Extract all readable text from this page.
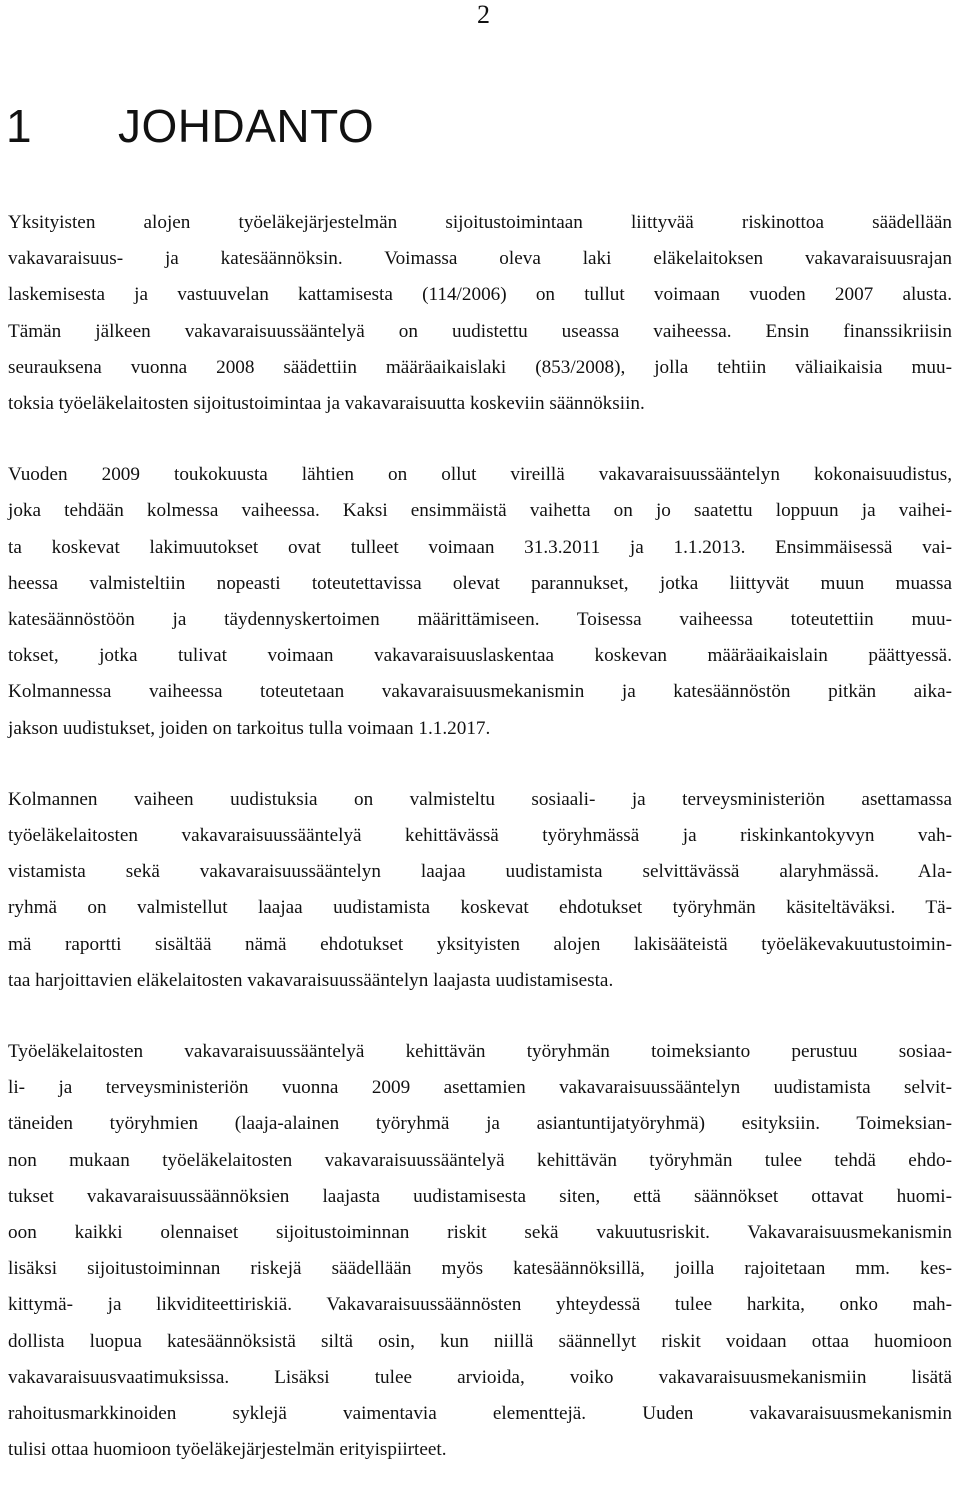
2
1 JOHDANTO

Yksityisten alojen työeläkejärjestelmän sijoitustoimintaan liittyvää riskinottoa säädellään
vakavaraisuus- ja katesäännöksin. Voimassa oleva laki eläkelaitoksen vakavaraisuusrajan
laskemisesta ja vastuuvelan kattamisesta (114/2006) on tullut voimaan vuoden 2007 alusta.
Tämän jälkeen vakavaraisuussääntelyä on uudistettu useassa vaiheessa. Ensin finanssikriisin
seurauksena vuonna 2008 säädettiin määräaikaislaki (853/2008), jolla tehtiin väliaikaisia muu-
toksia työeläkelaitosten sijoitustoimintaa ja vakavaraisuutta koskeviin säännöksiin.

Vuoden 2009 toukokuusta lähtien on ollut vireillä vakavaraisuussääntelyn kokonaisuudistus,
joka tehdään kolmessa vaiheessa. Kaksi ensimmäistä vaihetta on jo saatettu loppuun ja vaihei-
ta koskevat lakimuutokset ovat tulleet voimaan 31.3.2011 ja 1.1.2013. Ensimmäisessä vai-
heessa valmisteltiin nopeasti toteutettavissa olevat parannukset, jotka liittyvät muun muassa
katesäännöstöön ja täydennyskertoimen määrittämiseen. Toisessa vaiheessa toteutettiin muu-
tokset, jotka tulivat voimaan vakavaraisuuslaskentaa koskevan määräaikaislain päättyessä.
Kolmannessa vaiheessa toteutetaan vakavaraisuusmekanismin ja katesäännöstön pitkän aika-
jakson uudistukset, joiden on tarkoitus tulla voimaan 1.1.2017.

Kolmannen vaiheen uudistuksia on valmisteltu sosiaali- ja terveysministeriön asettamassa
työeläkelaitosten vakavaraisuussääntelyä kehittävässä työryhmässä ja riskinkantokyvyn vah-
vistamista sekä vakavaraisuussääntelyn laajaa uudistamista selvittävässä alaryhmässä. Ala-
ryhmä on valmistellut laajaa uudistamista koskevat ehdotukset työryhmän käsiteltäväksi. Tä-
mä raportti sisältää nämä ehdotukset yksityisten alojen lakisääteistä työeläkevakuutustoimin-
taa harjoittavien eläkelaitosten vakavaraisuussääntelyn laajasta uudistamisesta.

Työeläkelaitosten vakavaraisuussääntelyä kehittävän työryhmän toimeksianto perustuu sosiaa-
li- ja terveysministeriön vuonna 2009 asettamien vakavaraisuussääntelyn uudistamista selvit-
täneiden työryhmien (laaja-alainen työryhmä ja asiantuntijatyöryhmä) esityksiin. Toimeksian-
non mukaan työeläkelaitosten vakavaraisuussääntelyä kehittävän työryhmän tulee tehdä ehdo-
tukset vakavaraisuussäännöksien laajasta uudistamisesta siten, että säännökset ottavat huomi-
oon kaikki olennaiset sijoitustoiminnan riskit sekä vakuutusriskit. Vakavaraisuusmekanismin
lisäksi sijoitustoiminnan riskejä säädellään myös katesäännöksillä, joilla rajoitetaan mm. kes-
kittymä- ja likviditeettiriskiä. Vakavaraisuussäännösten yhteydessä tulee harkita, onko mah-
dollista luopua katesäännöksistä siltä osin, kun niillä säännellyt riskit voidaan ottaa huomioon
vakavaraisuusvaatimuksissa. Lisäksi tulee arvioida, voiko vakavaraisuusmekanismiin lisätä
rahoitusmarkkinoiden syklejä vaimentavia elementtejä. Uuden vakavaraisuusmekanismin
tulisi ottaa huomioon työeläkejärjestelmän erityispiirteet.
